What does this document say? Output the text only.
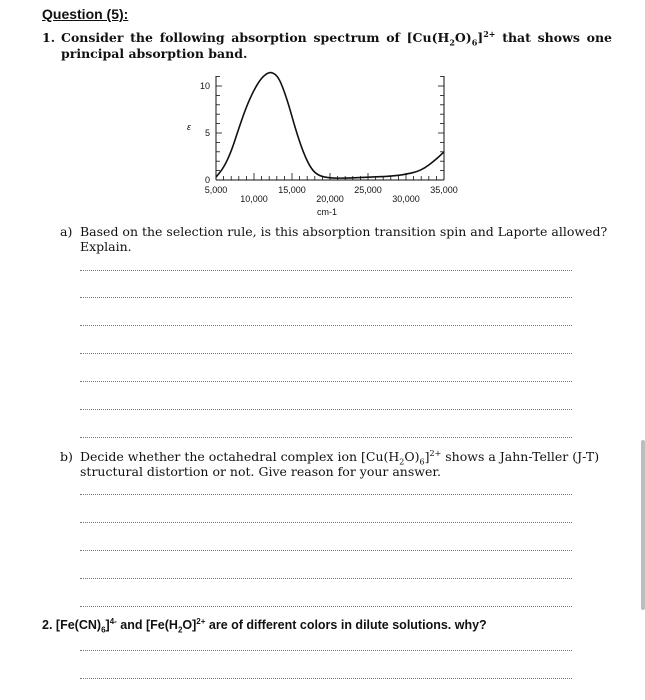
Question (5):
1. Consider the following absorption spectrum of $[Cu(H_2O)_6]^{2+}$ that shows one
principal absorption band.
0
5
10
ε
5,000	15,000	25,000	35,000
10,000	20,000	30,000
cm-1
a) Based on the selection rule, is this absorption transition spin and Laporte allowed? Explain.
b) Decide whether the octahedral complex ion $[Cu(H_2O)_6]^{2+}$ shows a Jahn-Teller (J-T) structural distortion or not. Give reason for your answer.
2. $[Fe(CN)_6]^{4-}$ and [$Fe(H_2O]^{2+}$ are of different colors in dilute solutions. why?
